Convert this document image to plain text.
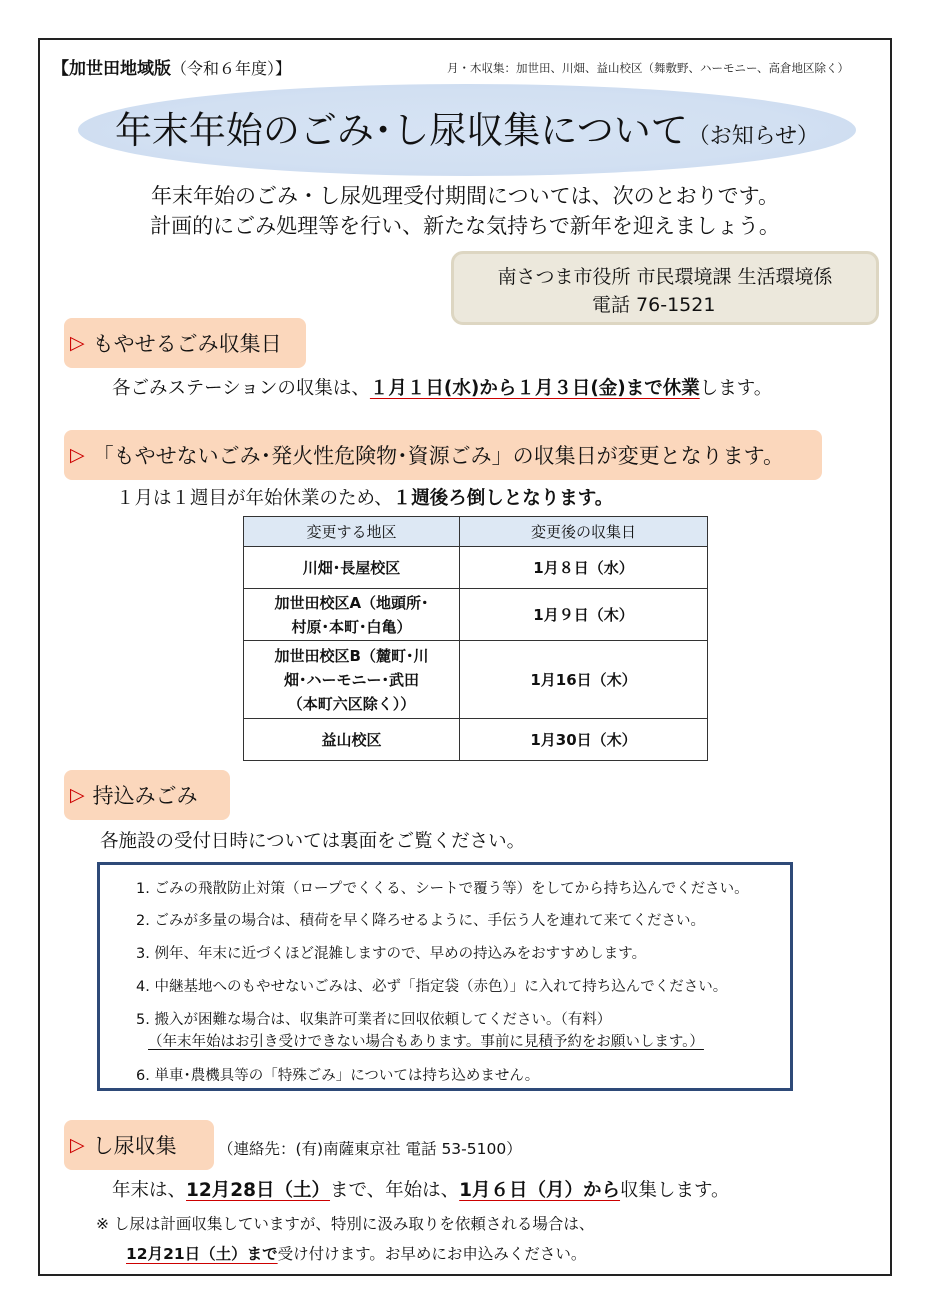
【加世田地域版（令和６年度）】	月・木収集：加世田、川畑、益山校区（舞敷野、ハーモニー、高倉地区除く）
年末年始のごみ･し尿収集について（お知らせ）
年末年始のごみ・し尿処理受付期間については、次のとおりです。
計画的にごみ処理等を行い、新たな気持ちで新年を迎えましょう。
南さつま市役所 市民環境課 生活環境係
電話 76-1521
▷ もやせるごみ収集日
各ごみステーションの収集は、１月１日(水)から１月３日(金)まで休業します。
▷ 「もやせないごみ･発火性危険物･資源ごみ」の収集日が変更となります。
１月は１週目が年始休業のため、１週後ろ倒しとなります。
変更する地区	変更後の収集日
川畑･長屋校区	1月８日（水）

加世田校区A（地頭所･
村原･本町･白亀）	1月９日（木）

加世田校区B（麓町･川
畑･ハーモニー･武田
（本町六区除く））	1月16日（木）
益山校区	1月30日（木）
▷ 持込みごみ
各施設の受付日時については裏面をご覧ください。
1. ごみの飛散防止対策（ロープでくくる、シートで覆う等）をしてから持ち込んでください。
2. ごみが多量の場合は、積荷を早く降ろせるように、手伝う人を連れて来てください。
3. 例年、年末に近づくほど混雑しますので、早めの持込みをおすすめします。
4. 中継基地へのもやせないごみは、必ず「指定袋（赤色）」に入れて持ち込んでください。
5. 搬入が困難な場合は、収集許可業者に回収依頼してください。（有料）
（年末年始はお引き受けできない場合もあります。事前に見積予約をお願いします。）
6. 単車･農機具等の「特殊ごみ」については持ち込めません。
▷ し尿収集	（連絡先：(有)南薩東京社 電話 53-5100）
年末は、12月28日（土）まで、年始は、1月６日（月）から収集します。
※ し尿は計画収集していますが、特別に汲み取りを依頼される場合は、
12月21日（土）まで受け付けます。お早めにお申込みください。
